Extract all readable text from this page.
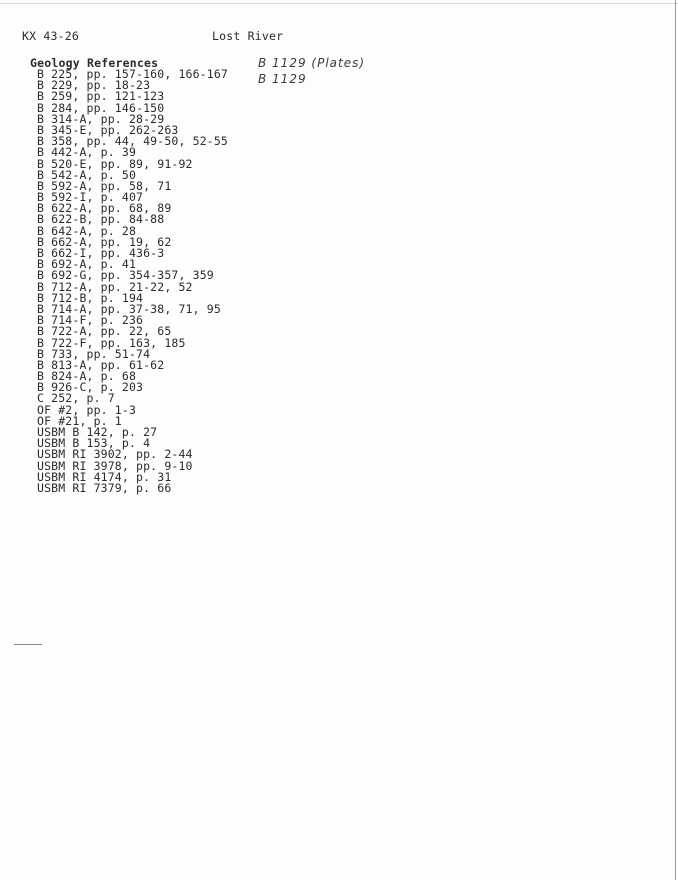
KX 43-26	Lost River
Geology References	B 1129 (Plates)
B 1129
B 225, pp. 157-160, 166-167
B 229, pp. 18-23
B 259, pp. 121-123
B 284, pp. 146-150
B 314-A, pp. 28-29
B 345-E, pp. 262-263
B 358, pp. 44, 49-50, 52-55
B 442-A, p. 39
B 520-E, pp. 89, 91-92
B 542-A, p. 50
B 592-A, pp. 58, 71
B 592-I, p. 407
B 622-A, pp. 68, 89
B 622-B, pp. 84-88
B 642-A, p. 28
B 662-A, pp. 19, 62
B 662-I, pp. 436-3
B 692-A, p. 41
B 692-G, pp. 354-357, 359
B 712-A, pp. 21-22, 52
B 712-B, p. 194
B 714-A, pp. 37-38, 71, 95
B 714-F, p. 236
B 722-A, pp. 22, 65
B 722-F, pp. 163, 185
B 733, pp. 51-74
B 813-A, pp. 61-62
B 824-A, p. 68
B 926-C, p. 203
C 252, p. 7
OF #2, pp. 1-3
OF #21, p. 1
USBM B 142, p. 27
USBM B 153, p. 4
USBM RI 3902, pp. 2-44
USBM RI 3978, pp. 9-10
USBM RI 4174, p. 31
USBM RI 7379, p. 66
